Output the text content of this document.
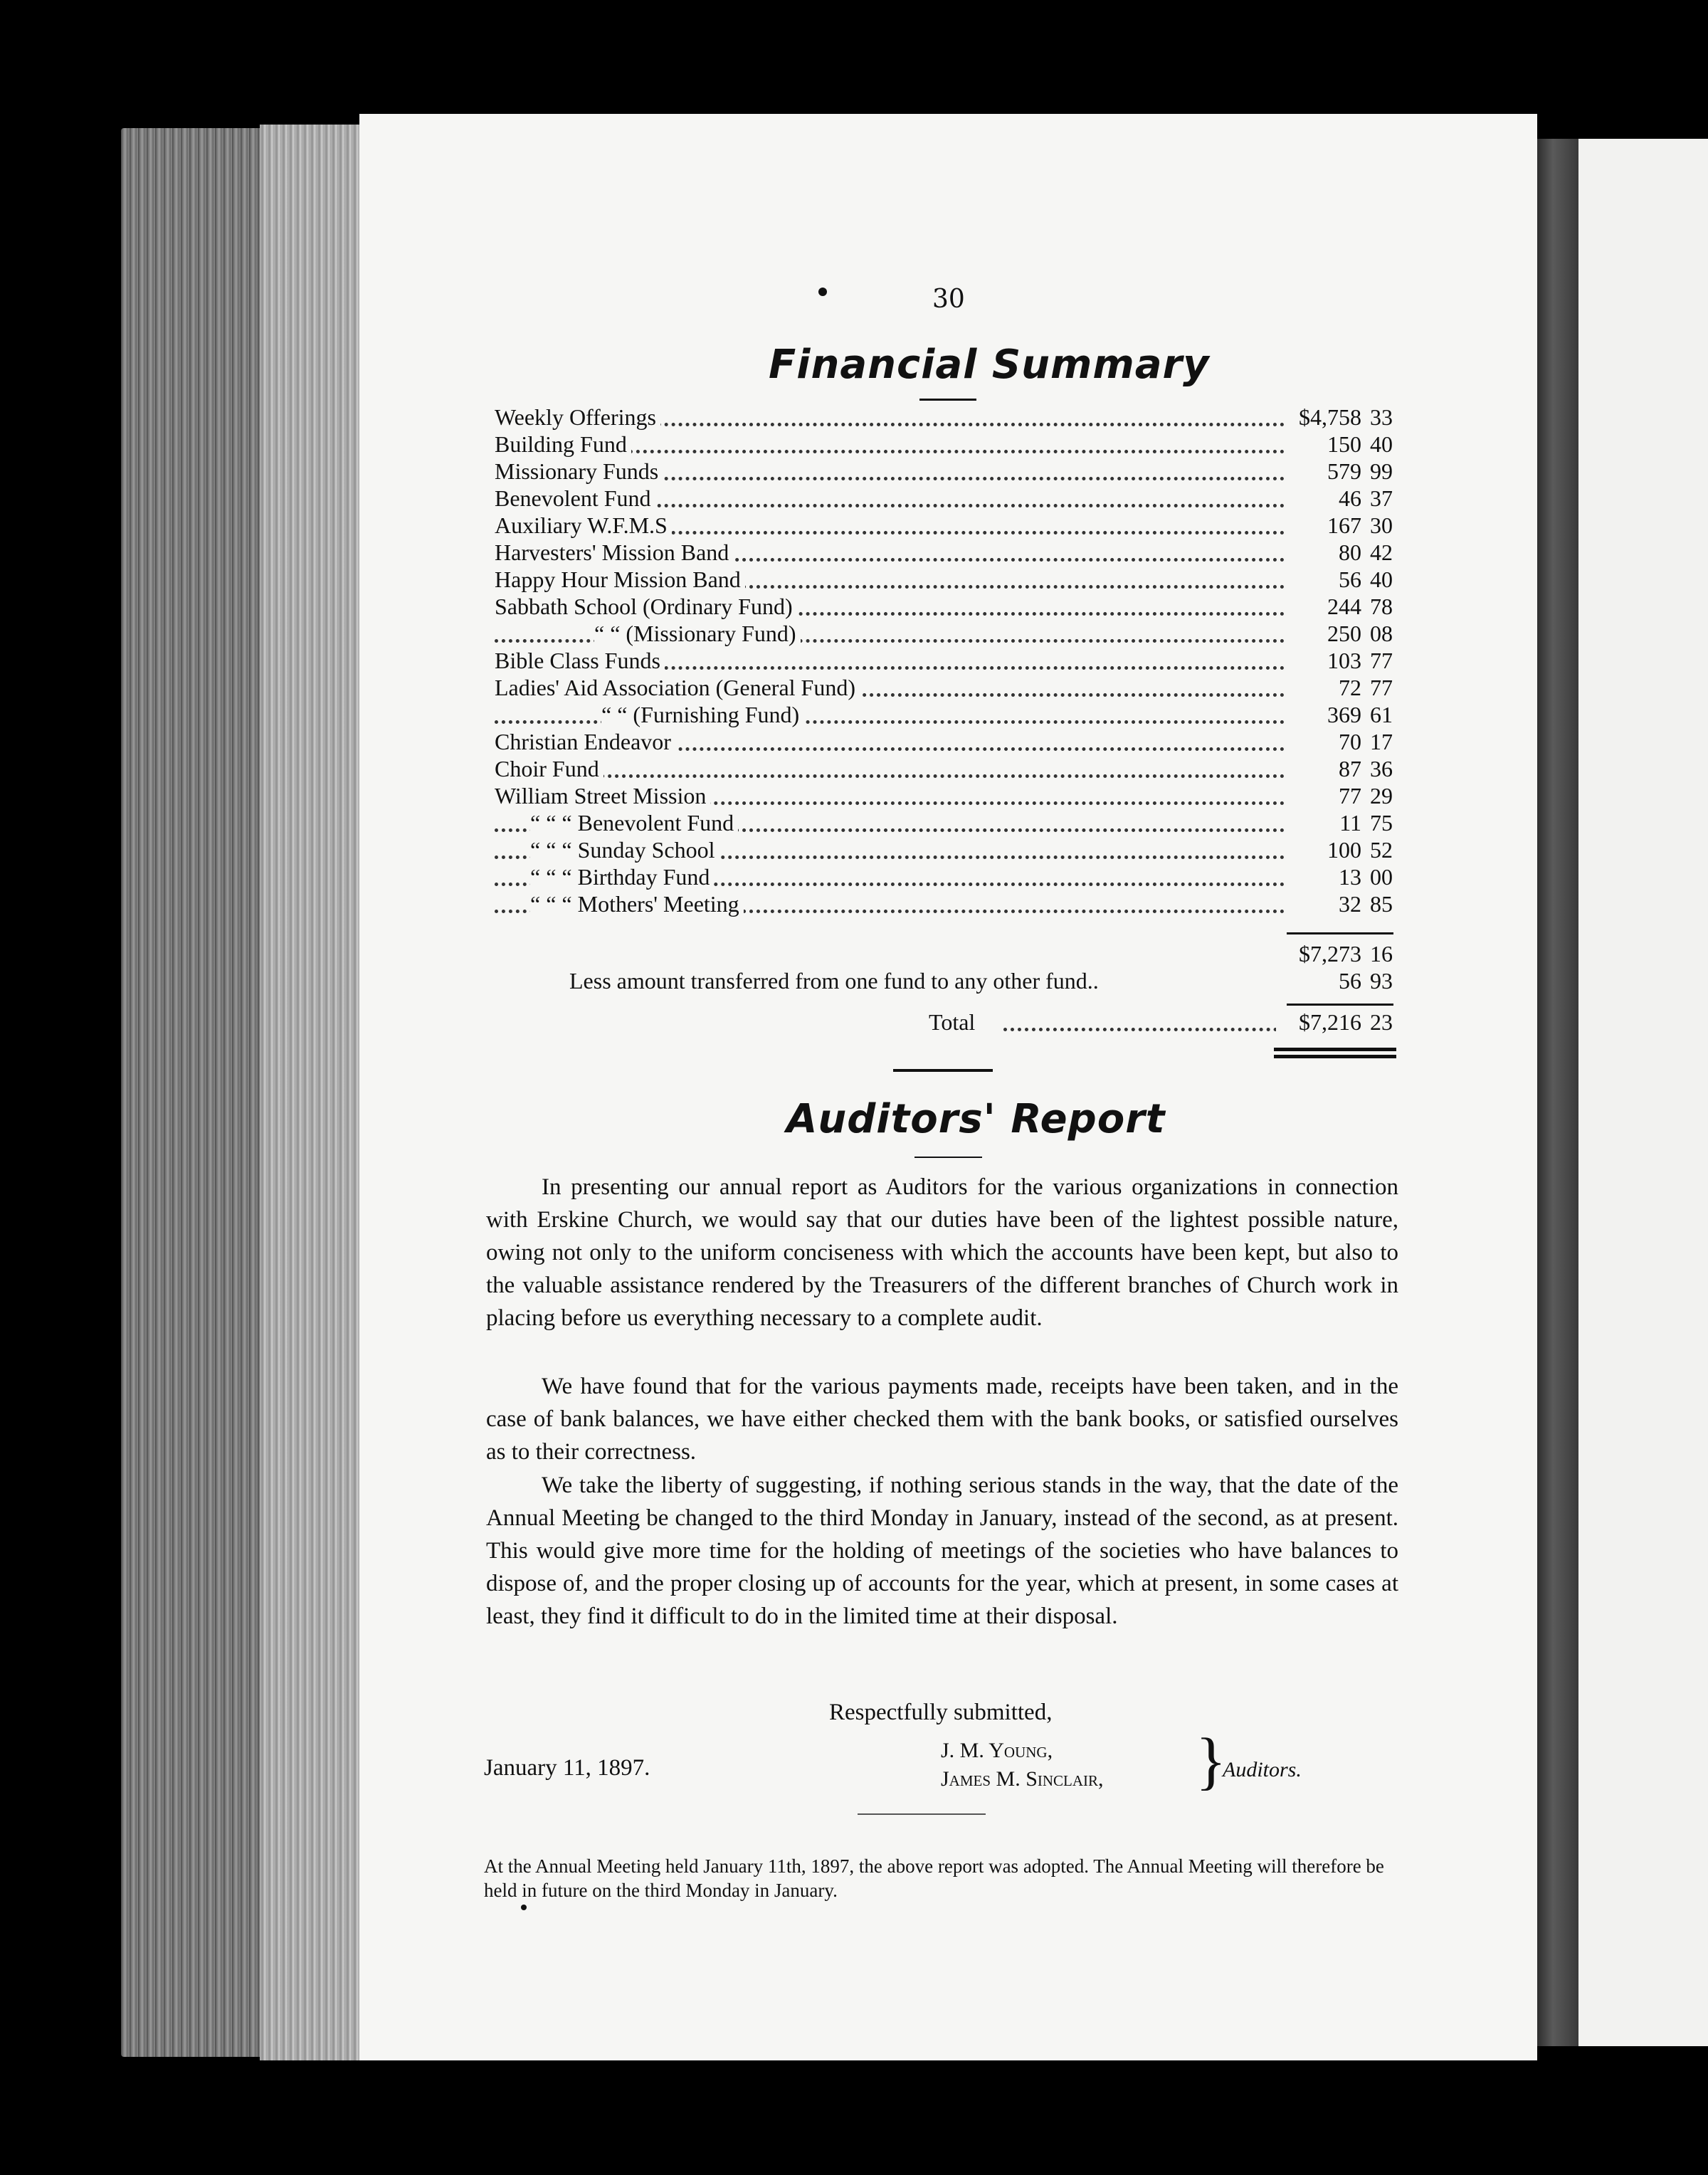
30
Financial Summary
Weekly Offerings	$4,758 33
Building Fund	150 40
Missionary Funds	579 99
Benevolent Fund	46 37
Auxiliary W.F.M.S	167 30
Harvesters' Mission Band	80 42
Happy Hour Mission Band	56 40
Sabbath School (Ordinary Fund)	244 78
“ “ (Missionary Fund)	250 08
Bible Class Funds	103 77
Ladies' Aid Association (General Fund)	72 77
“ “ (Furnishing Fund)	369 61
Christian Endeavor	70 17
Choir Fund	87 36
William Street Mission	77 29
“ “ “ Benevolent Fund	11 75
“ “ “ Sunday School	100 52
“ “ “ Birthday Fund	13 00
“ “ “ Mothers' Meeting	32 85
$7,273 16
Less amount transferred from one fund to any other fund..	56 93
Total	$7,216 23
Auditors' Report
In presenting our annual report as Auditors for the various organizations in connection with Erskine Church, we would say that our duties have been of the lightest possible nature, owing not only to the uniform conciseness with which the accounts have been kept, but also to the valuable assistance rendered by the Treasurers of the different branches of Church work in placing before us everything necessary to a complete audit.
We have found that for the various payments made, receipts have been taken, and in the case of bank balances, we have either checked them with the bank books, or satisfied ourselves as to their correctness.
We take the liberty of suggesting, if nothing serious stands in the way, that the date of the Annual Meeting be changed to the third Monday in January, instead of the second, as at present. This would give more time for the holding of meetings of the societies who have balances to dispose of, and the proper closing up of accounts for the year, which at present, in some cases at least, they find it difficult to do in the limited time at their disposal.
Respectfully submitted,
January 11, 1897.
J. M. Young,
James M. Sinclair, }
Auditors.
At the Annual Meeting held January 11th, 1897, the above report was adopted. The Annual Meeting will therefore be held in future on the third Monday in January.
